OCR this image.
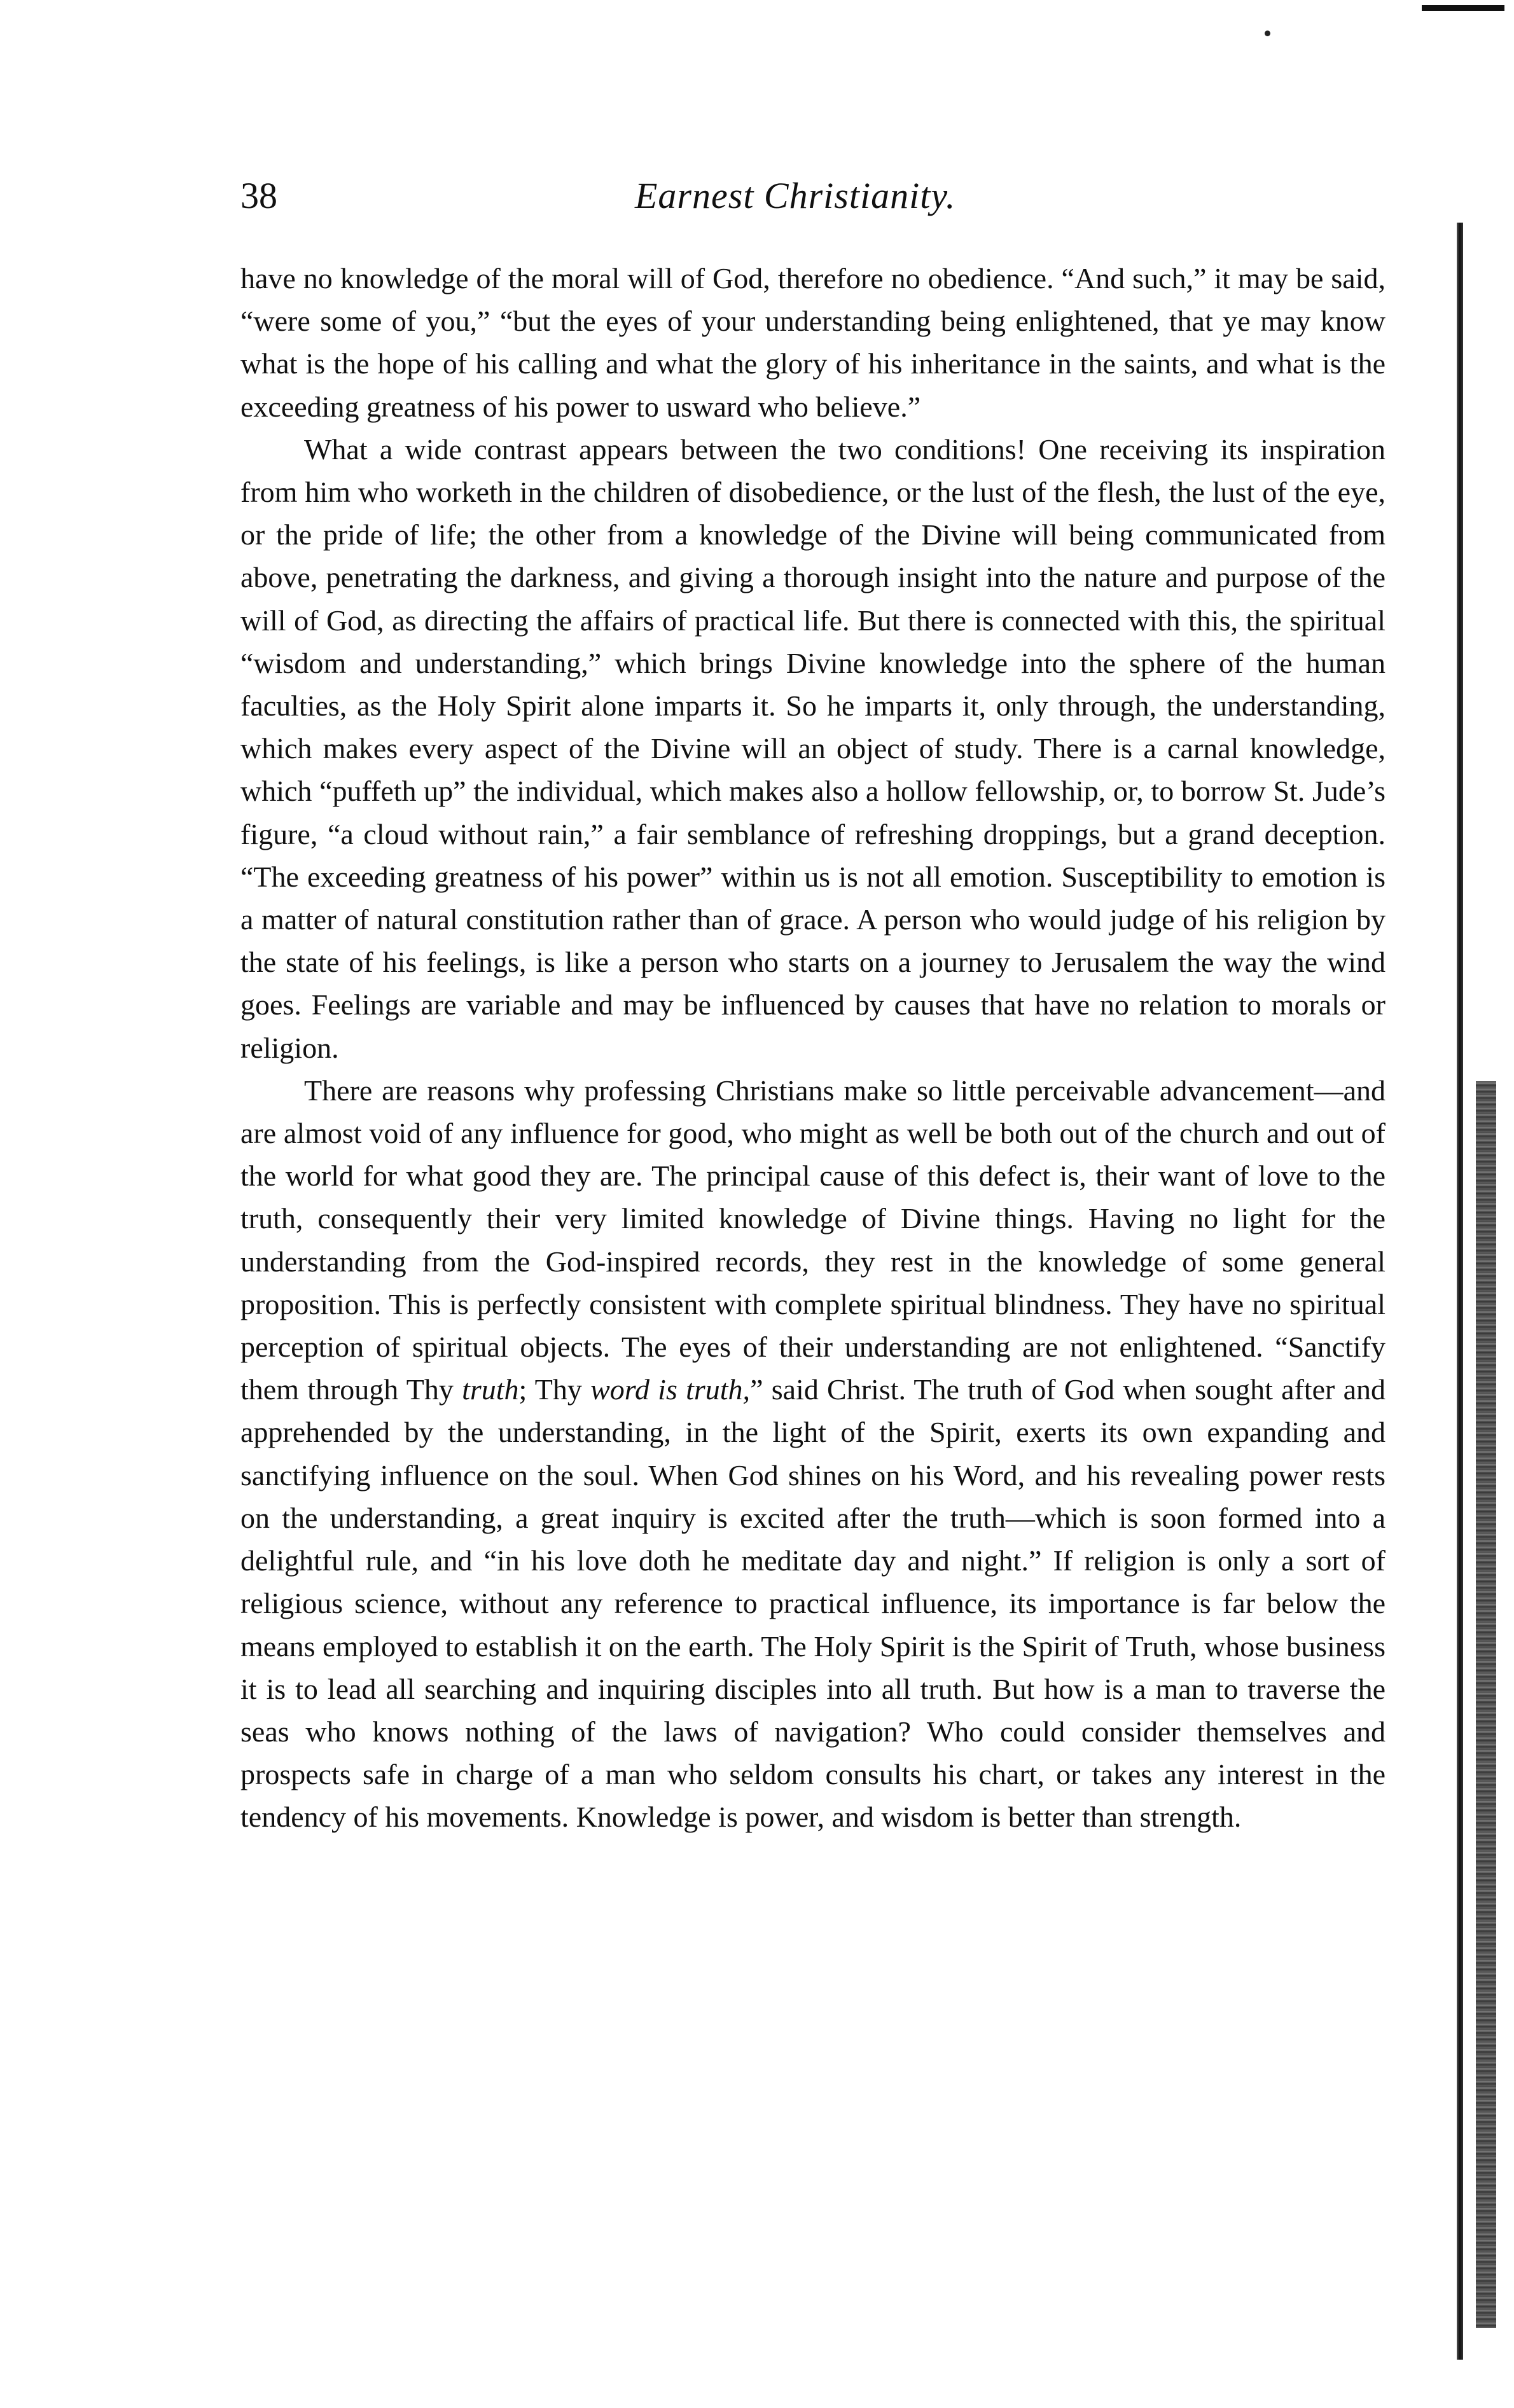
38	Earnest Christianity.

have no knowledge of the moral will of God, therefore no obedience. “And such,” it may be said, “were some of you,” “but the eyes of your understanding being enlightened, that ye may know what is the hope of his calling and what the glory of his inheritance in the saints, and what is the exceeding greatness of his power to usward who believe.”

What a wide contrast appears between the two conditions! One receiving its inspiration from him who worketh in the children of disobedience, or the lust of the flesh, the lust of the eye, or the pride of life; the other from a knowledge of the Divine will being communicated from above, penetrating the darkness, and giving a thorough insight into the nature and purpose of the will of God, as directing the affairs of practical life. But there is connected with this, the spiritual “wisdom and understanding,” which brings Divine knowledge into the sphere of the human faculties, as the Holy Spirit alone imparts it. So he imparts it, only through, the understanding, which makes every aspect of the Divine will an object of study. There is a carnal knowledge, which “puffeth up” the individual, which makes also a hollow fellowship, or, to borrow St. Jude’s figure, “a cloud without rain,” a fair semblance of refreshing droppings, but a grand deception. “The exceeding greatness of his power” within us is not all emotion. Susceptibility to emotion is a matter of natural constitution rather than of grace. A person who would judge of his religion by the state of his feelings, is like a person who starts on a journey to Jerusalem the way the wind goes. Feelings are variable and may be influenced by causes that have no relation to morals or religion.

There are reasons why professing Christians make so little perceivable advancement—and are almost void of any influence for good, who might as well be both out of the church and out of the world for what good they are. The principal cause of this defect is, their want of love to the truth, consequently their very limited knowledge of Divine things. Having no light for the understanding from the God-inspired records, they rest in the knowledge of some general proposition. This is perfectly consistent with complete spiritual blindness. They have no spiritual perception of spiritual objects. The eyes of their understanding are not enlightened. “Sanctify them through Thy truth; Thy word is truth,” said Christ. The truth of God when sought after and apprehended by the understanding, in the light of the Spirit, exerts its own expanding and sanctifying influence on the soul. When God shines on his Word, and his revealing power rests on the understanding, a great inquiry is excited after the truth—which is soon formed into a delightful rule, and “in his love doth he meditate day and night.” If religion is only a sort of religious science, without any reference to practical influence, its importance is far below the means employed to establish it on the earth. The Holy Spirit is the Spirit of Truth, whose business it is to lead all searching and inquiring disciples into all truth. But how is a man to traverse the seas who knows nothing of the laws of navigation? Who could consider themselves and prospects safe in charge of a man who seldom consults his chart, or takes any interest in the tendency of his movements. Knowledge is power, and wisdom is better than strength.
